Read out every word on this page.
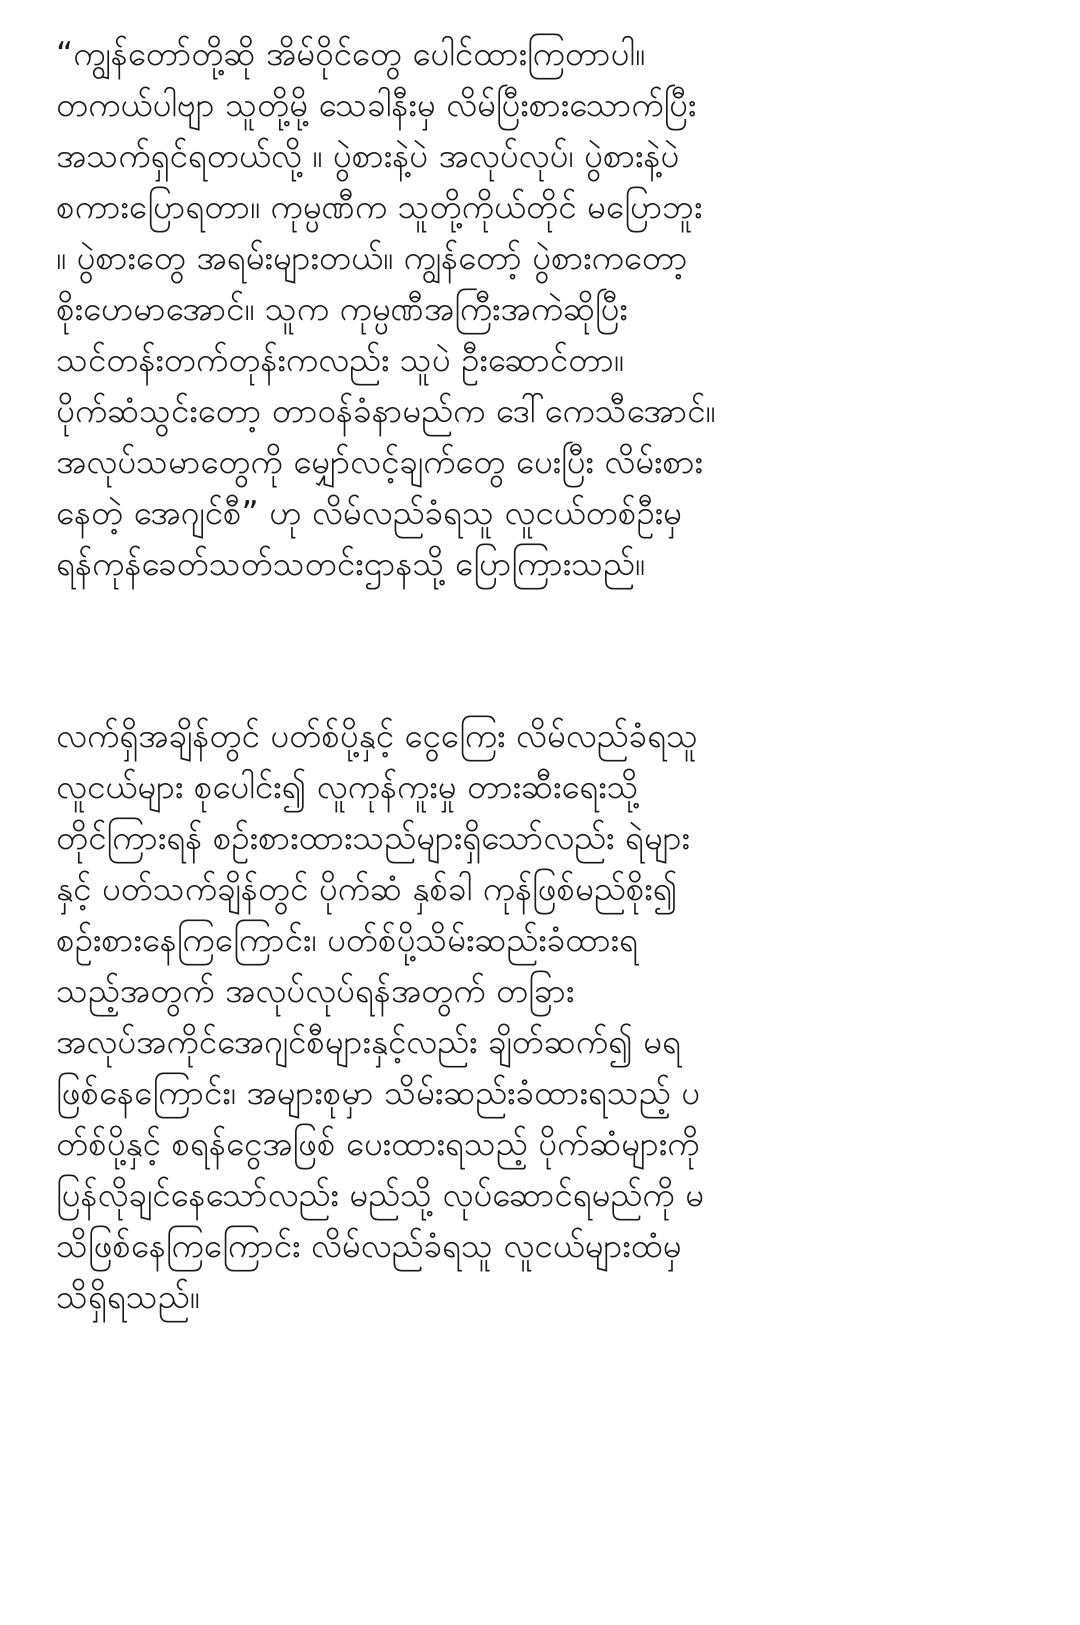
“ကျွန်တော်တို့ဆို အိမ်ဝိုင်တွေ ပေါင်ထားကြတာပါ။
တကယ်ပါဗျာ သူတို့မို့ သေခါနီးမှ လိမ်ပြီးစားသောက်ပြီး
အသက်ရှင်ရတယ်လို့ ။ ပွဲစားနဲ့ပဲ အလုပ်လုပ်၊ ပွဲစားနဲ့ပဲ
စကားပြောရတာ။ ကုမ္ပဏီက သူတို့ကိုယ်တိုင် မပြောဘူး
။ ပွဲစားတွေ အရမ်းများတယ်။ ကျွန်တော့် ပွဲစားကတော့
စိုးဟေမာအောင်။ သူက ကုမ္ပဏီအကြီးအကဲဆိုပြီး
သင်တန်းတက်တုန်းကလည်း သူပဲ ဦးဆောင်တာ။
ပိုက်ဆံသွင်းတော့ တာဝန်ခံနာမည်က ဒေါ်ကေသီအောင်။
အလုပ်သမာတွေကို မျှော်လင့်ချက်တွေ ပေးပြီး လိမ်းစား
နေတဲ့ အေဂျင်စီ” ဟု လိမ်လည်ခံရသူ လူငယ်တစ်ဦးမှ
ရန်ကုန်ခေတ်သတ်သတင်းဌာနသို့ ပြောကြားသည်။

လက်ရှိအချိန်တွင် ပတ်စ်ပို့နှင့် ငွေကြေး လိမ်လည်ခံရသူ
လူငယ်များ စုပေါင်း၍ လူကုန်ကူးမှု တားဆီးရေးသို့
တိုင်ကြားရန် စဉ်းစားထားသည်များရှိသော်လည်း ရဲများ
နှင့် ပတ်သက်ချိန်တွင် ပိုက်ဆံ နှစ်ခါ ကုန်ဖြစ်မည်စိုး၍
စဉ်းစားနေကြကြောင်း၊ ပတ်စ်ပို့သိမ်းဆည်းခံထားရ
သည့်အတွက် အလုပ်လုပ်ရန်အတွက် တခြား
အလုပ်အကိုင်အေဂျင်စီများနှင့်လည်း ချိတ်ဆက်၍ မရ
ဖြစ်နေကြောင်း၊ အများစုမှာ သိမ်းဆည်းခံထားရသည့် ပ
တ်စ်ပို့နှင့် စရန်ငွေအဖြစ် ပေးထားရသည့် ပိုက်ဆံများကို
ပြန်လိုချင်နေသော်လည်း မည်သို့ လုပ်ဆောင်ရမည်ကို မ
သိဖြစ်နေကြကြောင်း လိမ်လည်ခံရသူ လူငယ်များထံမှ
သိရှိရသည်။
